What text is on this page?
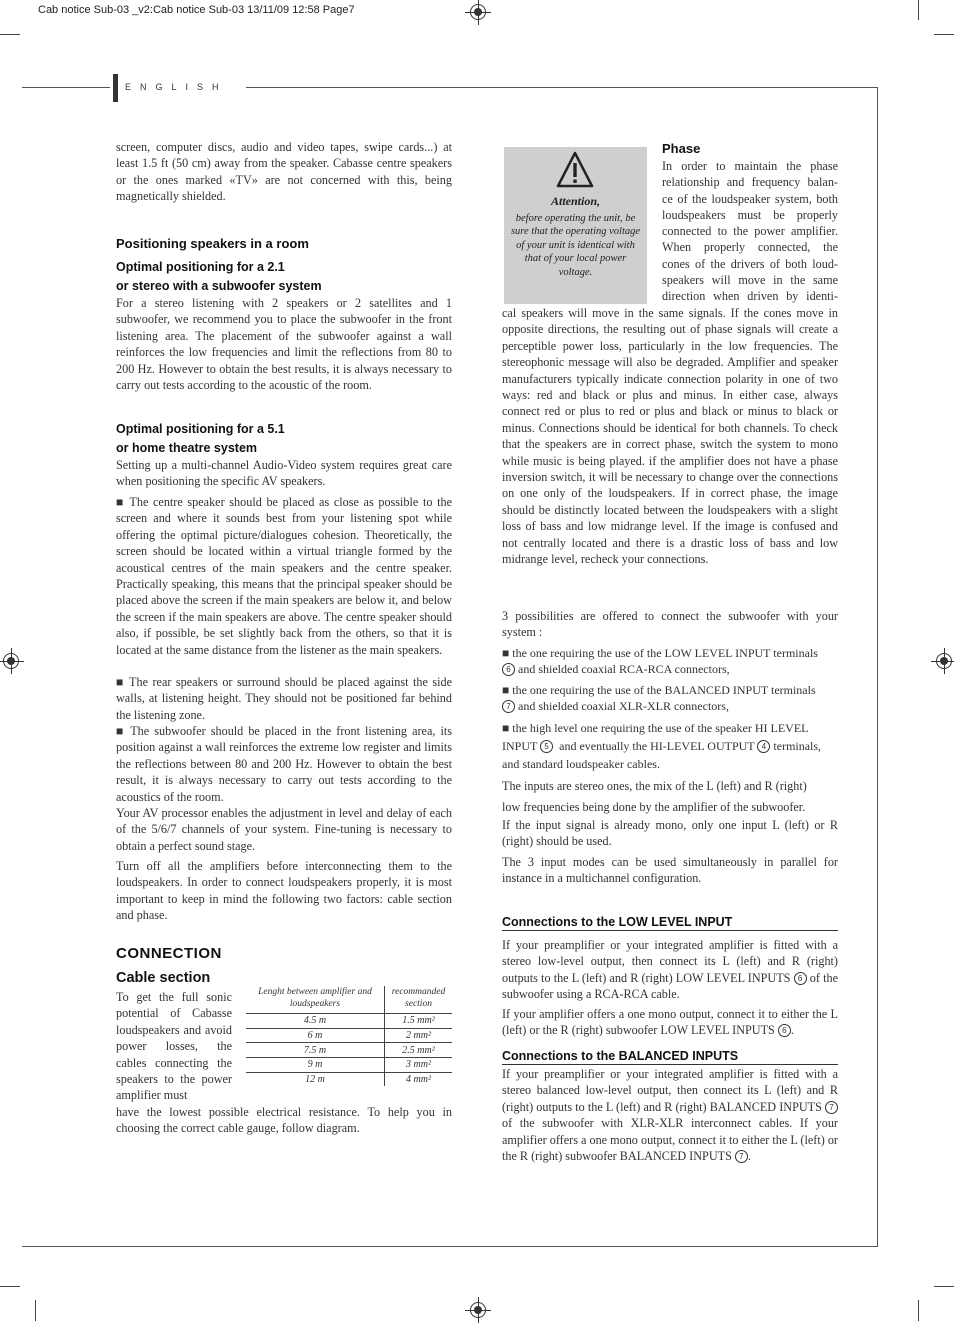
Cab notice Sub-03 _v2:Cab notice Sub-03 13/11/09 12:58 Page7
ENGLISH

screen, computer discs, audio and video tapes, swipe cards...) at least 1.5 ft (50 cm) away from the speaker. Cabasse centre speakers or the ones marked «TV» are not concerned with this, being magnetically shielded.

Positioning speakers in a room
Optimal positioning for a 2.1
or stereo with a subwoofer system

For a stereo listening with 2 speakers or 2 satellites and 1 subwoofer, we recommend you to place the subwoofer in the front listening area. The placement of the subwoofer against a wall reinforces the low frequencies and limit the reflections from 80 to 200 Hz. However to obtain the best results, it is always necessary to carry out tests according to the acoustic of the room.

Optimal positioning for a 5.1
or home theatre system

Setting up a multi-channel Audio-Video system requires great care when positioning the specific AV speakers.

■ The centre speaker should be placed as close as possible to the screen and where it sounds best from your listening spot while offering the optimal picture/dialogues cohesion. Theoretically, the screen should be located within a virtual triangle formed by the acoustical centres of the main speakers and the centre speaker. Practically speaking, this means that the principal speaker should be placed above the screen if the main speakers are below it, and below the screen if the main speakers are above. The centre speaker should also, if possible, be set slightly back from the others, so that it is located at the same distance from the listener as the main speakers.

■ The rear speakers or surround should be placed against the side walls, at listening height. They should not be positioned far behind the listening zone.

■ The subwoofer should be placed in the front listening area, its position against a wall reinforces the extreme low register and limits the reflections between 80 and 200 Hz. However to obtain the best result, it is always necessary to carry out tests according to the acoustics of the room.

Your AV processor enables the adjustment in level and delay of each of the 5/6/7 channels of your system. Fine-tuning is necessary to obtain a perfect sound stage.

Turn off all the amplifiers before interconnecting them to the loudspeakers. In order to connect loudspeakers properly, it is most important to keep in mind the following two factors: cable section and phase.

CONNECTION
Cable section

To get the full sonic potential of Cabasse loudspeakers and avoid power losses, the cables connecting the speakers to the power amplifier must

have the lowest possible electrical resistance. To help you in choosing the correct cable gauge, follow diagram.

Lenght between amplifier and loudspeakers	recommanded section
4.5 m	1.5 mm²
6 m	2 mm²
7.5 m	2.5 mm²
9 m	3 mm²
12 m	4 mm²
Attention,
before operating the unit, be sure that the operating voltage of your unit is identical with that of your local power voltage.
Phase
In order to maintain the phase
relationship and frequency balan-
ce of the loudspeaker system, both
loudspeakers must be properly
connected to the power amplifier.
When properly connected, the
cones of the drivers of both loud-
speakers will move in the same
direction when driven by identi-

cal speakers will move in the same signals. If the cones move in opposite directions, the resulting out of phase signals will create a perceptible power loss, particularly in the low frequencies. The stereophonic message will also be degraded. Amplifier and speaker manufacturers typically indicate connection polarity in one of two ways: red and black or plus and minus. In either case, always connect red or plus to red or plus and black or minus to black or minus. Connections should be identical for both channels. To check that the speakers are in correct phase, switch the system to mono while music is being played. if the amplifier does not have a phase inversion switch, it will be necessary to change over the connections on one only of the loudspeakers. If in correct phase, the image should be distinctly located between the loudspeakers with a slight loss of bass and low midrange level. If the image is confused and not centrally located and there is a drastic loss of bass and low midrange level, recheck your connections.

3 possibilities are offered to connect the subwoofer with your system :

■ the one requiring the use of the LOW LEVEL INPUT terminals
6 and shielded coaxial RCA-RCA connectors,
■ the one requiring the use of the BALANCED INPUT terminals
7 and shielded coaxial XLR-XLR connectors,
■ the high level one requiring the use of the speaker HI LEVEL
INPUT 5 and eventually the HI-LEVEL OUTPUT 4 terminals,
and standard loudspeaker cables.
The inputs are stereo ones, the mix of the L (left) and R (right)
low frequencies being done by the amplifier of the subwoofer.

If the input signal is already mono, only one input L (left) or R (right) should be used.

The 3 input modes can be used simultaneously in parallel for instance in a multichannel configuration.

Connections to the LOW LEVEL INPUT

If your preamplifier or your integrated amplifier is fitted with a stereo low-level output, then connect its L (left) and R (right) outputs to the L (left) and R (right) LOW LEVEL INPUTS 6 of the subwoofer using a RCA-RCA cable.

If your amplifier offers a one mono output, connect it to either the L (left) or the R (right) subwoofer LOW LEVEL INPUTS 6 .

Connections to the BALANCED INPUTS

If your preamplifier or your integrated amplifier is fitted with a stereo balanced low-level output, then connect its L (left) and R (right) outputs to the L (left) and R (right) BALANCED INPUTS 7 of the subwoofer with XLR-XLR interconnect cables. If your amplifier offers a one mono output, connect it to either the L (left) or the R (right) subwoofer BALANCED INPUTS 7 .
